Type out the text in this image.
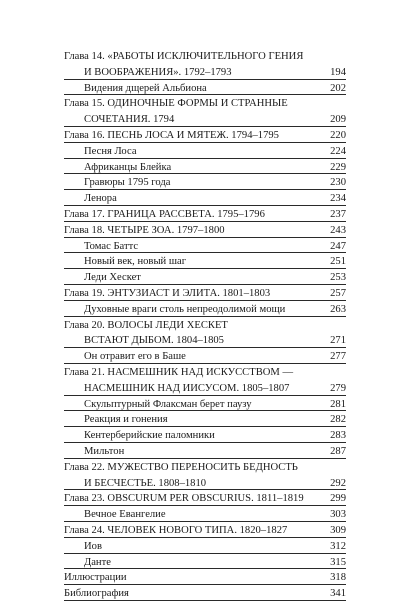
Глава 14. «РАБОТЫ ИСКЛЮЧИТЕЛЬНОГО ГЕНИЯ
И ВООБРАЖЕНИЯ». 1792–1793	194
Видения дщерей Альбиона	202
Глава 15. ОДИНОЧНЫЕ ФОРМЫ И СТРАННЫЕ
СОЧЕТАНИЯ. 1794	209
Глава 16. ПЕСНЬ ЛОСА И МЯТЕЖ. 1794–1795	220
Песня Лоса	224
Африканцы Блейка	229
Гравюры 1795 года	230
Ленора	234
Глава 17. ГРАНИЦА РАССВЕТА. 1795–1796	237
Глава 18. ЧЕТЫРЕ ЗОА. 1797–1800	243
Томас Баттс	247
Новый век, новый шаг	251
Леди Хескет	253
Глава 19. ЭНТУЗИАСТ И ЭЛИТА. 1801–1803	257
Духовные враги столь непреодолимой мощи	263
Глава 20. ВОЛОСЫ ЛЕДИ ХЕСКЕТ
ВСТАЮТ ДЫБОМ. 1804–1805	271
Он отравит его в Баше	277
Глава 21. НАСМЕШНИК НАД ИСКУССТВОМ —
НАСМЕШНИК НАД ИИСУСОМ. 1805–1807	279
Скульптурный Флаксман берет паузу	281
Реакция и гонения	282
Кентерберийские паломники	283
Мильтон	287
Глава 22. МУЖЕСТВО ПЕРЕНОСИТЬ БЕДНОСТЬ
И БЕСЧЕСТЬЕ. 1808–1810	292
Глава 23. OBSCURUM PER OBSCURIUS. 1811–1819 299
Вечное Евангелие	303
Глава 24. ЧЕЛОВЕК НОВОГО ТИПА. 1820–1827	309
Иов	312
Данте	315
Иллюстрации	318
Библиография	341
